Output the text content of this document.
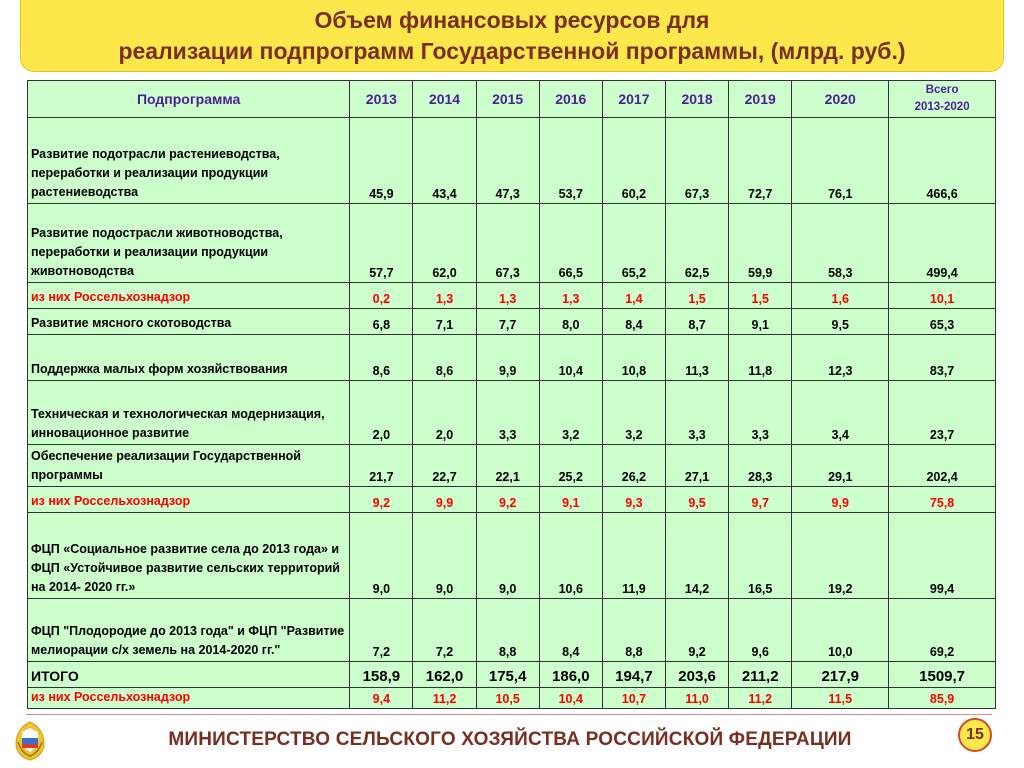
Объем финансовых ресурсов для
реализации подпрограмм Государственной программы, (млрд. руб.)
Подпрограмма	2013	2014	2015	2016	2017	2018	2019	2020	Всего
2013-2020
Развитие подотрасли растениеводства, переработки и реализации продукции растениеводства	45,9	43,4	47,3	53,7	60,2	67,3	72,7	76,1	466,6
Развитие подострасли животноводства, переработки и реализации продукции животноводства	57,7	62,0	67,3	66,5	65,2	62,5	59,9	58,3	499,4
из них Россельхознадзор	0,2	1,3	1,3	1,3	1,4	1,5	1,5	1,6	10,1
Развитие мясного скотоводства	6,8	7,1	7,7	8,0	8,4	8,7	9,1	9,5	65,3
Поддержка малых форм хозяйствования	8,6	8,6	9,9	10,4	10,8	11,3	11,8	12,3	83,7
Техническая и технологическая модернизация, инновационное развитие	2,0	2,0	3,3	3,2	3,2	3,3	3,3	3,4	23,7
Обеспечение реализации Государственной программы	21,7	22,7	22,1	25,2	26,2	27,1	28,3	29,1	202,4
из них Россельхознадзор	9,2	9,9	9,2	9,1	9,3	9,5	9,7	9,9	75,8
ФЦП «Социальное развитие села до 2013 года» и ФЦП «Устойчивое развитие сельских территорий на 2014- 2020 гг.»	9,0	9,0	9,0	10,6	11,9	14,2	16,5	19,2	99,4
ФЦП "Плодородие до 2013 года" и ФЦП "Развитие мелиорации с/х земель на 2014-2020 гг."	7,2	7,2	8,8	8,4	8,8	9,2	9,6	10,0	69,2
ИТОГО	158,9	162,0	175,4	186,0	194,7	203,6	211,2	217,9	1509,7
из них Россельхознадзор	9,4	11,2	10,5	10,4	10,7	11,0	11,2	11,5	85,9
МИНИСТЕРСТВО СЕЛЬСКОГО ХОЗЯЙСТВА РОССИЙСКОЙ ФЕДЕРАЦИИ	15
